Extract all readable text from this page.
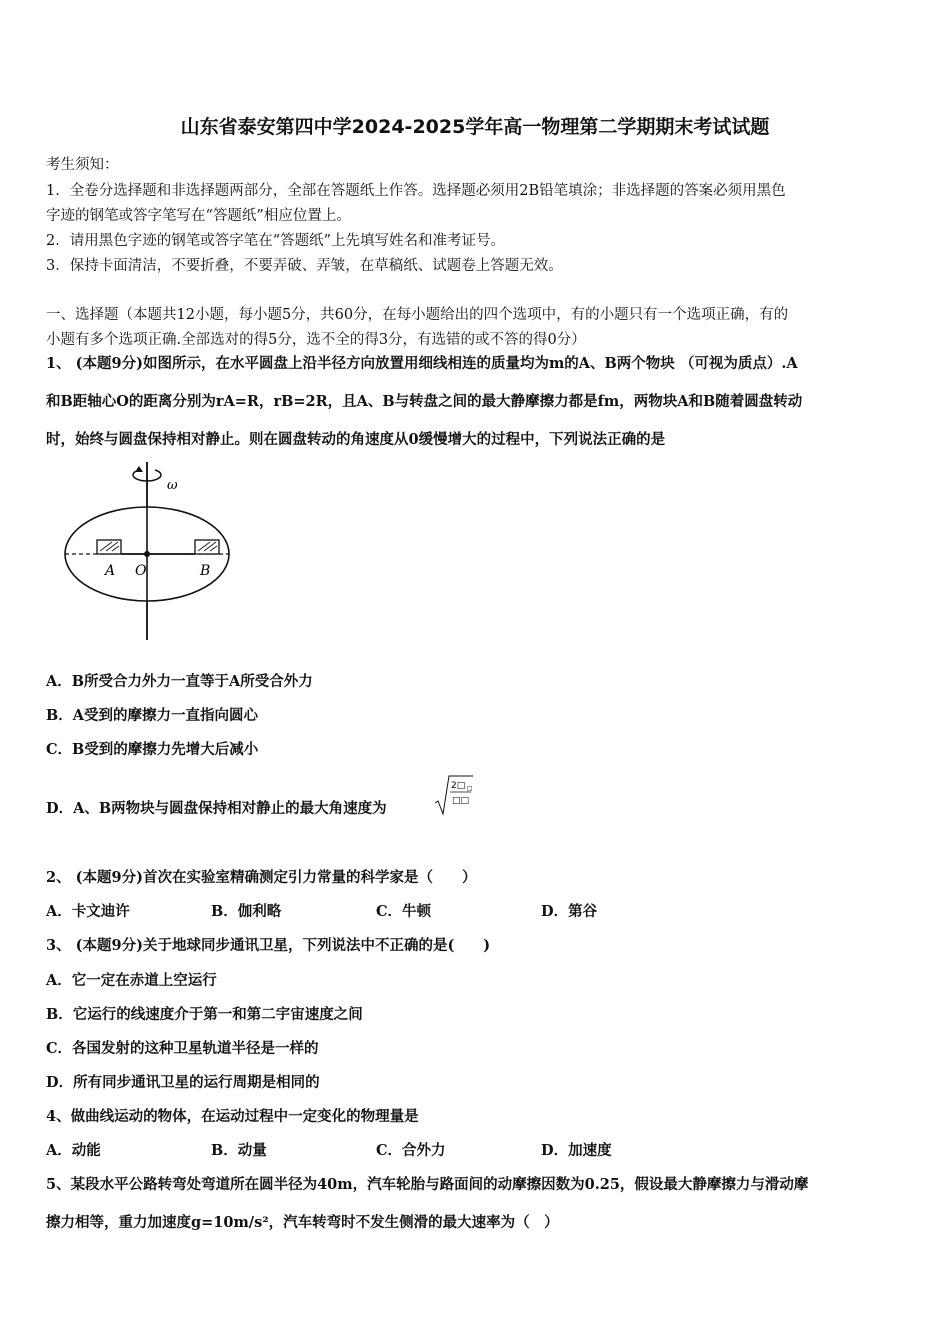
山东省泰安第四中学2024-2025学年高一物理第二学期期末考试试题
考生须知：
1．全卷分选择题和非选择题两部分，全部在答题纸上作答。选择题必须用2B铅笔填涂；非选择题的答案必须用黑色
字迹的钢笔或答字笔写在“答题纸”相应位置上。
2．请用黑色字迹的钢笔或答字笔在“答题纸”上先填写姓名和准考证号。
3．保持卡面清洁，不要折叠，不要弄破、弄皱，在草稿纸、试题卷上答题无效。
一、选择题（本题共12小题，每小题5分，共60分，在每小题给出的四个选项中，有的小题只有一个选项正确，有的
小题有多个选项正确.全部选对的得5分，选不全的得3分，有选错的或不答的得0分）
1、 (本题9分)如图所示，在水平圆盘上沿半径方向放置用细线相连的质量均为m的A、B两个物块 （可视为质点）.A
和B距轴心O的距离分别为rA=R，rB=2R，且A、B与转盘之间的最大静摩擦力都是fm，两物块A和B随着圆盘转动
时，始终与圆盘保持相对静止。则在圆盘转动的角速度从0缓慢增大的过程中，下列说法正确的是
ω
A O	B
A．B所受合力外力一直等于A所受合外力
B．A受到的摩擦力一直指向圆心
C．B受到的摩擦力先增大后减小
D．A、B两物块与圆盘保持相对静止的最大角速度为
2□ □
□□
2、 (本题9分)首次在实验室精确测定引力常量的科学家是（　　）
A．卡文迪许	B．伽利略	C．牛顿	D．第谷
3、 (本题9分)关于地球同步通讯卫星，下列说法中不正确的是(　　)
A．它一定在赤道上空运行
B．它运行的线速度介于第一和第二宇宙速度之间
C．各国发射的这种卫星轨道半径是一样的
D．所有同步通讯卫星的运行周期是相同的
4、做曲线运动的物体，在运动过程中一定变化的物理量是
A．动能	B．动量	C．合外力	D．加速度
5、某段水平公路转弯处弯道所在圆半径为40m，汽车轮胎与路面间的动摩擦因数为0.25，假设最大静摩擦力与滑动摩
擦力相等，重力加速度g=10m/s²，汽车转弯时不发生侧滑的最大速率为（　）
